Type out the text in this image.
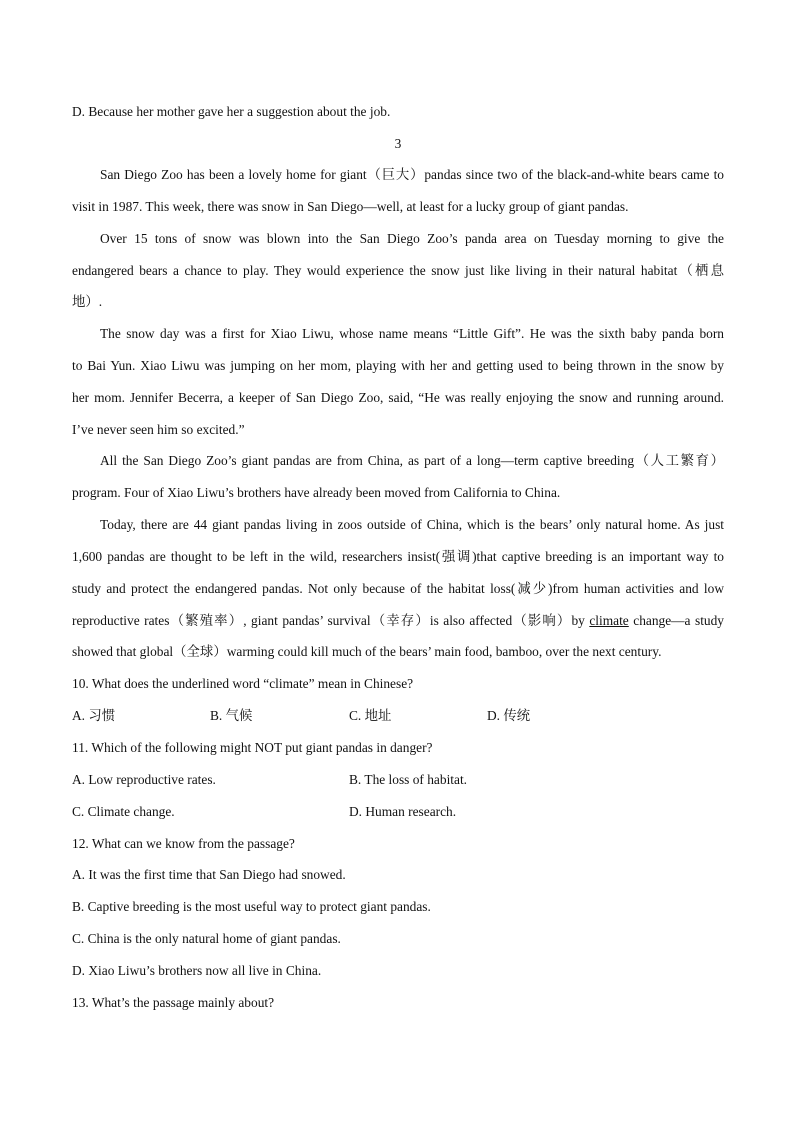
D. Because her mother gave her a suggestion about the job.
3
San Diego Zoo has been a lovely home for giant（巨大）pandas since two of the black-and-white bears came to
visit in 1987. This week, there was snow in San Diego—well, at least for a lucky group of giant pandas.
Over 15 tons of snow was blown into the San Diego Zoo’s panda area on Tuesday morning to give the
endangered bears a chance to play. They would experience the snow just like living in their natural habitat（栖息
地）.
The snow day was a first for Xiao Liwu, whose name means “Little Gift”. He was the sixth baby panda born
to Bai Yun. Xiao Liwu was jumping on her mom, playing with her and getting used to being thrown in the snow by
her mom. Jennifer Becerra, a keeper of San Diego Zoo, said, “He was really enjoying the snow and running around.
I’ve never seen him so excited.”
All the San Diego Zoo’s giant pandas are from China, as part of a long—term captive breeding（人工繁育）
program. Four of Xiao Liwu’s brothers have already been moved from California to China.
Today, there are 44 giant pandas living in zoos outside of China, which is the bears’ only natural home. As just
1,600 pandas are thought to be left in the wild, researchers insist(强调)that captive breeding is an important way to
study and protect the endangered pandas. Not only because of the habitat loss(减少)from human activities and low
reproductive rates（繁殖率）, giant pandas’ survival（幸存）is also affected（影响）by climate change—a study
showed that global（全球）warming could kill much of the bears’ main food, bamboo, over the next century.
10. What does the underlined word “climate” mean in Chinese?
A. 习惯	B. 气候	C. 地址	D. 传统
11. Which of the following might NOT put giant pandas in danger?
A. Low reproductive rates.	B. The loss of habitat.
C. Climate change.	D. Human research.
12. What can we know from the passage?
A. It was the first time that San Diego had snowed.
B. Captive breeding is the most useful way to protect giant pandas.
C. China is the only natural home of giant pandas.
D. Xiao Liwu’s brothers now all live in China.
13. What’s the passage mainly about?
